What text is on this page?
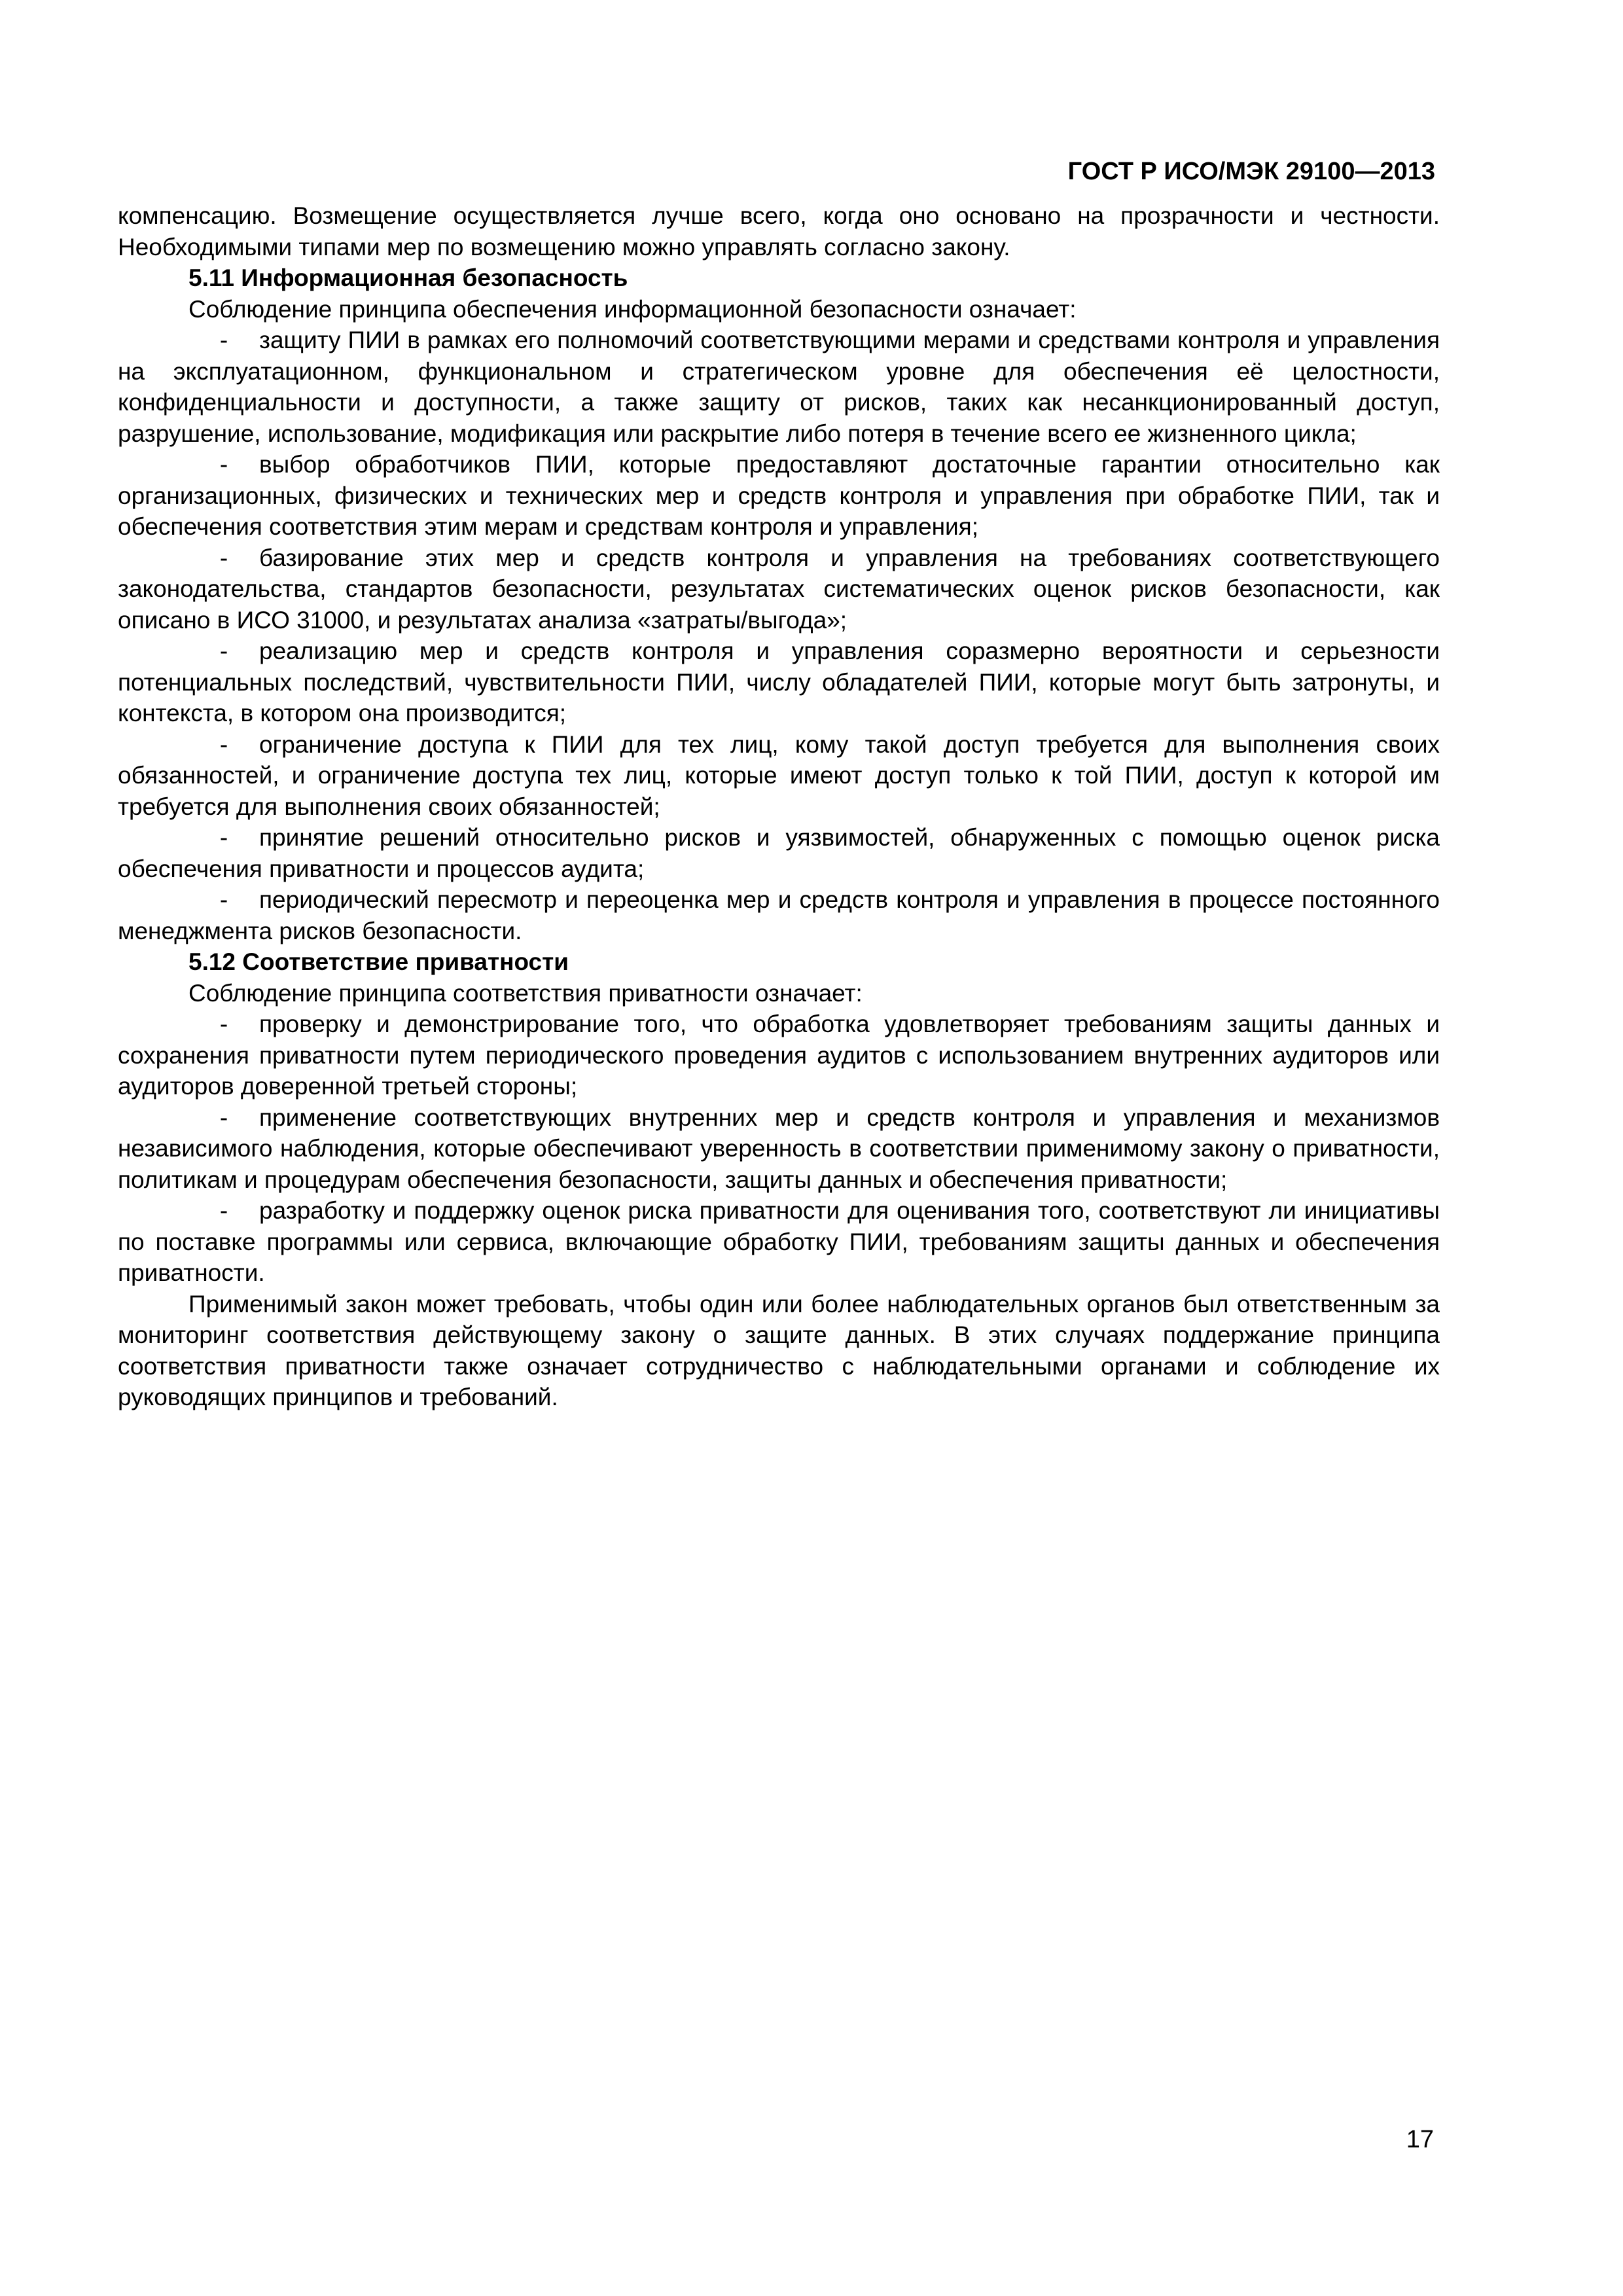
ГОСТ Р ИСО/МЭК 29100—2013

компенсацию. Возмещение осуществляется лучше всего, когда оно основано на прозрачности и честности. Необходимыми типами мер по возмещению можно управлять согласно закону.

5.11 Информационная безопасность

Соблюдение принципа обеспечения информационной безопасности означает:

- защиту ПИИ в рамках его полномочий соответствующими мерами и средствами контроля и управления на эксплуатационном, функциональном и стратегическом уровне для обеспечения её целостности, конфиденциальности и доступности, а также защиту от рисков, таких как несанкционированный доступ, разрушение, использование, модификация или раскрытие либо потеря в течение всего ее жизненного цикла;

- выбор обработчиков ПИИ, которые предоставляют достаточные гарантии относительно как организационных, физических и технических мер и средств контроля и управления при обработке ПИИ, так и обеспечения соответствия этим мерам и средствам контроля и управления;

- базирование этих мер и средств контроля и управления на требованиях соответствующего законодательства, стандартов безопасности, результатах систематических оценок рисков безопасности, как описано в ИСО 31000, и результатах анализа «затраты/выгода»;

- реализацию мер и средств контроля и управления соразмерно вероятности и серьезности потенциальных последствий, чувствительности ПИИ, числу обладателей ПИИ, которые могут быть затронуты, и контекста, в котором она производится;

- ограничение доступа к ПИИ для тех лиц, кому такой доступ требуется для выполнения своих обязанностей, и ограничение доступа тех лиц, которые имеют доступ только к той ПИИ, доступ к которой им требуется для выполнения своих обязанностей;

- принятие решений относительно рисков и уязвимостей, обнаруженных с помощью оценок риска обеспечения приватности и процессов аудита;

- периодический пересмотр и переоценка мер и средств контроля и управления в процессе постоянного менеджмента рисков безопасности.

5.12 Соответствие приватности

Соблюдение принципа соответствия приватности означает:

- проверку и демонстрирование того, что обработка удовлетворяет требованиям защиты данных и сохранения приватности путем периодического проведения аудитов с использованием внутренних аудиторов или аудиторов доверенной третьей стороны;

- применение соответствующих внутренних мер и средств контроля и управления и механизмов независимого наблюдения, которые обеспечивают уверенность в соответствии применимому закону о приватности, политикам и процедурам обеспечения безопасности, защиты данных и обеспечения приватности;

- разработку и поддержку оценок риска приватности для оценивания того, соответствуют ли инициативы по поставке программы или сервиса, включающие обработку ПИИ, требованиям защиты данных и обеспечения приватности.

Применимый закон может требовать, чтобы один или более наблюдательных органов был ответственным за мониторинг соответствия действующему закону о защите данных. В этих случаях поддержание принципа соответствия приватности также означает сотрудничество с наблюдательными органами и соблюдение их руководящих принципов и требований.

17
